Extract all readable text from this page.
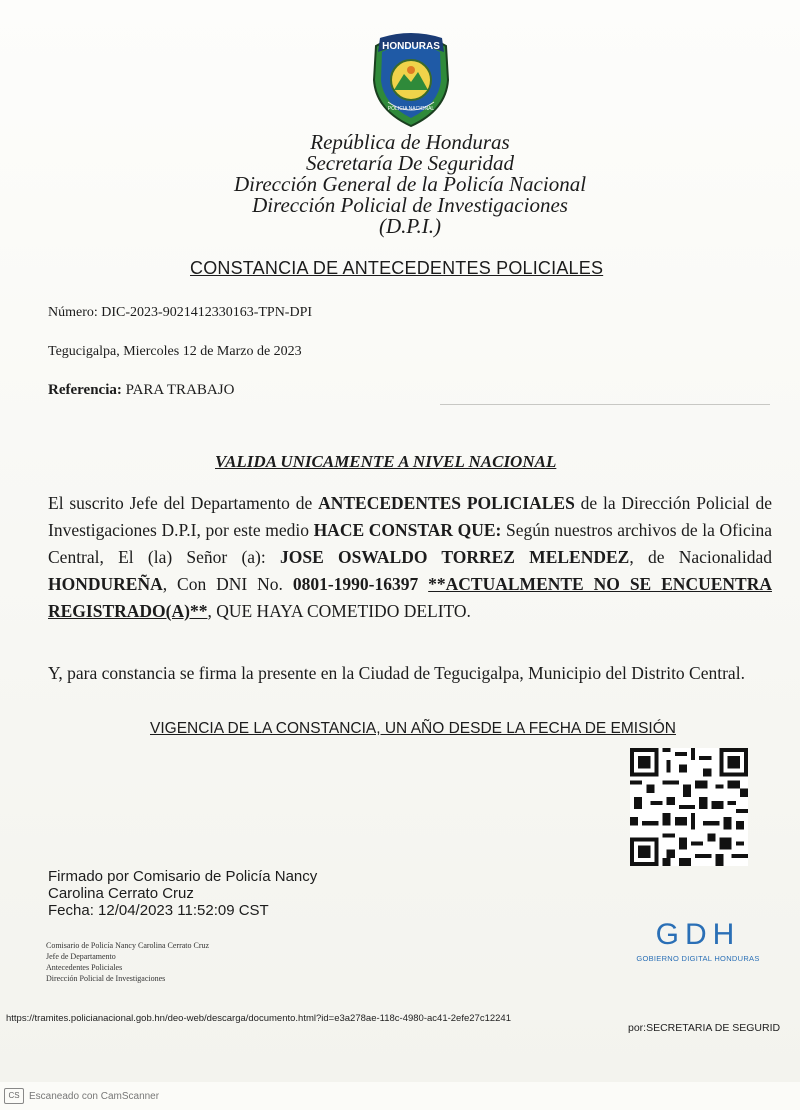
HONDURAS
POLICIA NACIONAL
República de Honduras
Secretaría De Seguridad
Dirección General de la Policía Nacional
Dirección Policial de Investigaciones
(D.P.I.)
CONSTANCIA DE ANTECEDENTES POLICIALES
Número: DIC-2023-9021412330163-TPN-DPI
Tegucigalpa, Miercoles 12 de Marzo de 2023
Referencia: PARA TRABAJO
VALIDA UNICAMENTE A NIVEL NACIONAL
El suscrito Jefe del Departamento de ANTECEDENTES POLICIALES de la Dirección Policial de Investigaciones D.P.I, por este medio HACE CONSTAR QUE: Según nuestros archivos de la Oficina Central, El (la) Señor (a): JOSE OSWALDO TORREZ MELENDEZ, de Nacionalidad HONDUREÑA, Con DNI No. 0801-1990-16397 **ACTUALMENTE NO SE ENCUENTRA REGISTRADO(A)**, QUE HAYA COMETIDO DELITO.
Y, para constancia se firma la presente en la Ciudad de Tegucigalpa, Municipio del Distrito Central.
VIGENCIA DE LA CONSTANCIA, UN AÑO DESDE LA FECHA DE EMISIÓN
Firmado por Comisario de Policía Nancy
Carolina Cerrato Cruz
Fecha: 12/04/2023 11:52:09 CST
Comisario de Policía Nancy Carolina Cerrato Cruz
Jefe de Departamento
Antecedentes Policiales
Dirección Policial de Investigaciones
GDH
GOBIERNO DIGITAL HONDURAS
https://tramites.policianacional.gob.hn/deo-web/descarga/documento.html?id=e3a278ae-118c-4980-ac41-2efe27c12241
por:SECRETARIA DE SEGURID
CS Escaneado con CamScanner
